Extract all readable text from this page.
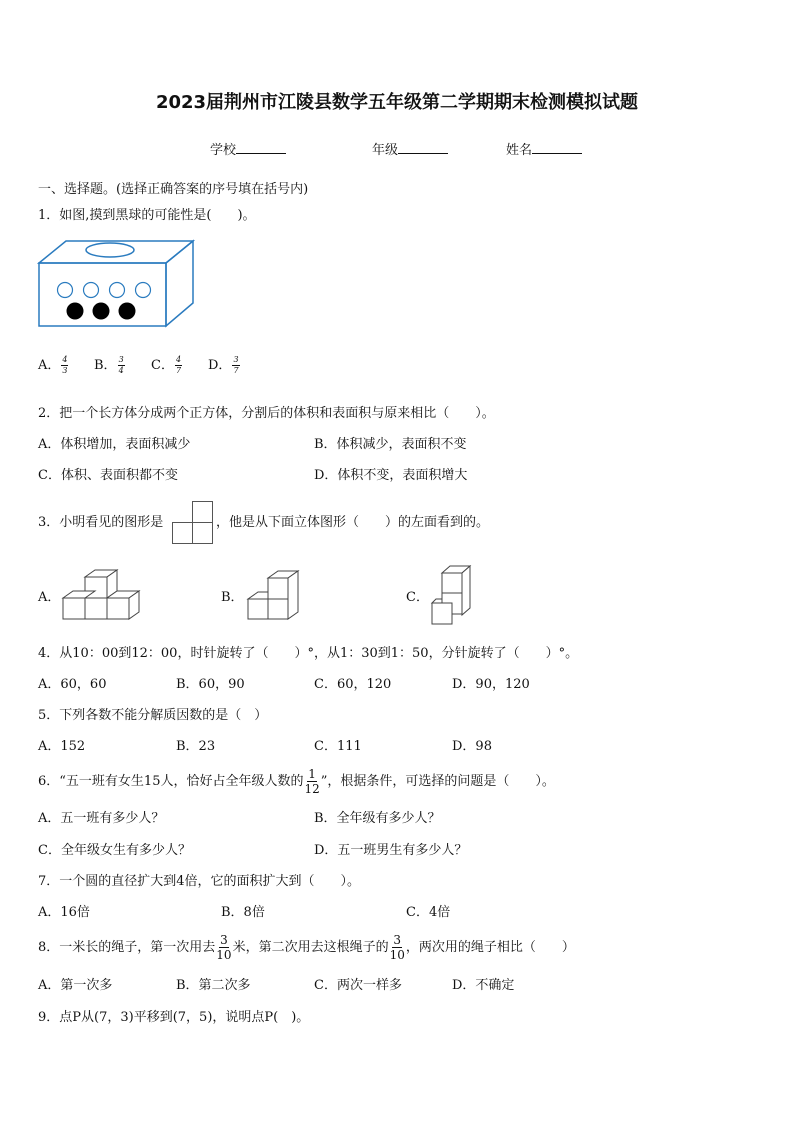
2023届荆州市江陵县数学五年级第二学期期末检测模拟试题
学校	年级	姓名
一、选择题。(选择正确答案的序号填在括号内)
1．如图,摸到黑球的可能性是(　　)。
A． $\frac{4}{3}$ B． $\frac{3}{4}$ C． $\frac{4}{7}$ D． $\frac{3}{7}$
2．把一个长方体分成两个正方体，分割后的体积和表面积与原来相比（　　）。
A．体积增加，表面积减少	B．体积减少，表面积不变
C．体积、表面积都不变	D．体积不变，表面积增大
3．小明看见的图形是	，他是从下面立体图形（　　）的左面看到的。
A．	B．	C．
4．从10：00到12：00，时针旋转了（　　）°，从1：30到1：50，分针旋转了（　　）°。
A．60，60	B．60，90	C．60，120	D．90，120
5．下列各数不能分解质因数的是（　）
A．152	B．23	C．111	D．98
6．“五一班有女生15人，恰好占全年级人数的 $\frac{1}{12}$ ”，根据条件，可选择的问题是（　　）。
A．五一班有多少人？	B．全年级有多少人？
C．全年级女生有多少人？	D．五一班男生有多少人？
7．一个圆的直径扩大到4倍，它的面积扩大到（　　）。
A．16倍	B．8倍	C．4倍
8．一米长的绳子，第一次用去 $\frac{3}{10}$ 米，第二次用去这根绳子的 $\frac{3}{10}$ ，两次用的绳子相比（　　）
A．第一次多	B．第二次多	C．两次一样多	D．不确定
9．点P从(7，3)平移到(7，5)，说明点P(　)。
